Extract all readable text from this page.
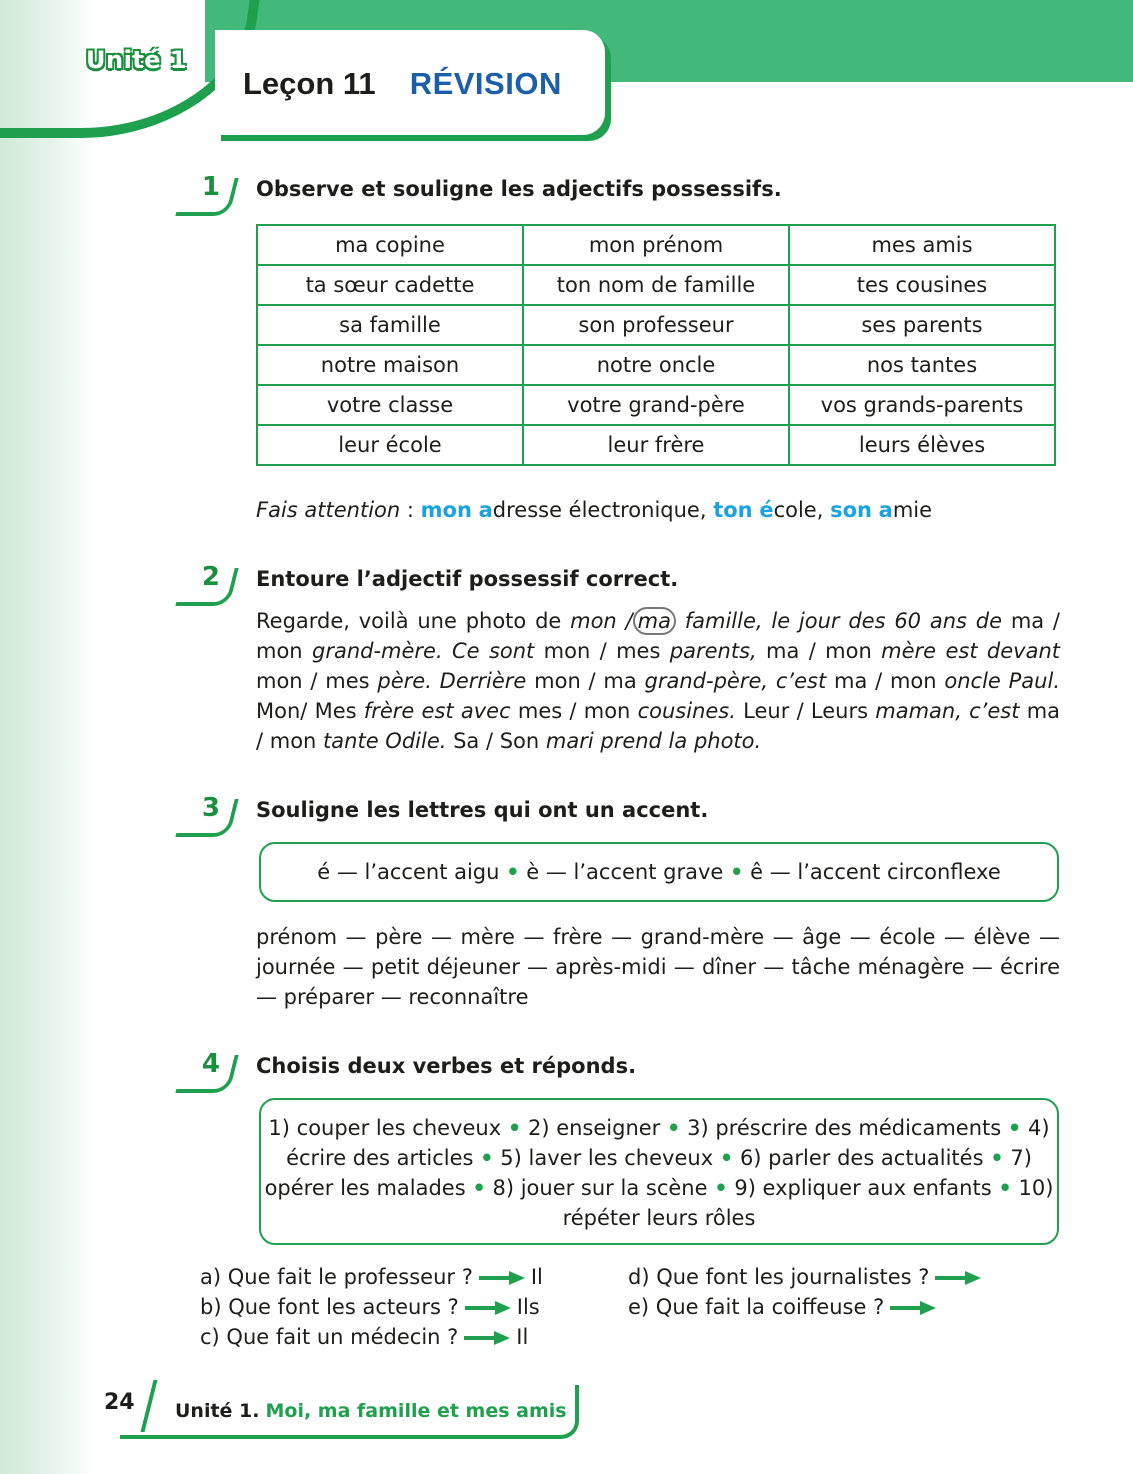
Unité 1
Leçon 11 RÉVISION
1 Observe et souligne les adjectifs possessifs.
ma copine	mon prénom	mes amis
ta sœur cadette	ton nom de famille	tes cousines
sa famille	son professeur	ses parents
notre maison	notre oncle	nos tantes
votre classe	votre grand-père	vos grands-parents
leur école	leur frère	leurs élèves
Fais attention : mon adresse électronique, ton école, son amie
2 Entoure l’adjectif possessif correct.
Regarde, voilà une photo de mon / ma famille, le jour des 60 ans de ma / mon grand-mère. Ce sont mon / mes parents, ma / mon mère est devant mon / mes père. Derrière mon / ma grand-père, c’est ma / mon oncle Paul. Mon/ Mes frère est avec mes / mon cousines. Leur / Leurs maman, c’est ma / mon tante Odile. Sa / Son mari prend la photo.
3 Souligne les lettres qui ont un accent.
é — l’accent aigu • è — l’accent grave • ê — l’accent circonflexe
prénom — père — mère — frère — grand-mère — âge — école — élève — journée — petit déjeuner — après-midi — dîner — tâche ménagère — écrire — préparer — reconnaître
4 Choisis deux verbes et réponds.
1) couper les cheveux • 2) enseigner • 3) préscrire des médicaments • 4) écrire des articles • 5) laver les cheveux • 6) parler des actualités • 7) opérer les malades • 8) jouer sur la scène • 9) expliquer aux enfants • 10) répéter leurs rôles
a) Que fait le professeur ?	Il
b) Que font les acteurs ?	Ils
c) Que fait un médecin ?	Il
d) Que font les journalistes ?
e) Que fait la coiffeuse ?
24 Unité 1. Moi, ma famille et mes amis
